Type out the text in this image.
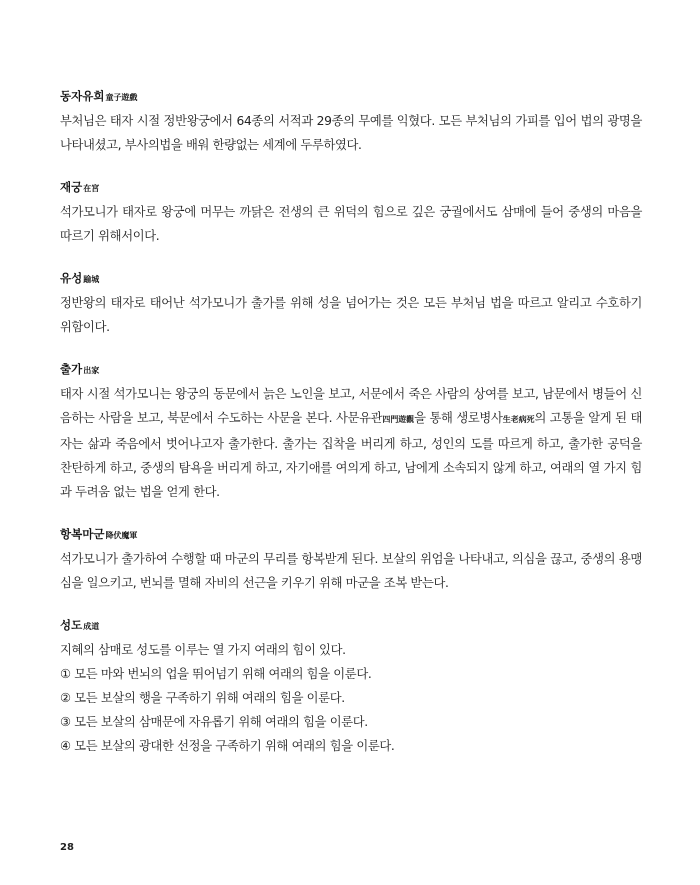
동자유희童子遊戲

부처님은 태자 시절 정반왕궁에서 64종의 서적과 29종의 무예를 익혔다. 모든 부처님의 가피를 입어 법의 광명을 나타내셨고, 부사의법을 배워 한량없는 세계에 두루하였다.

재궁在宮

석가모니가 태자로 왕궁에 머무는 까닭은 전생의 큰 위덕의 힘으로 깊은 궁궐에서도 삼매에 들어 중생의 마음을 따르기 위해서이다.

유성踰城

정반왕의 태자로 태어난 석가모니가 출가를 위해 성을 넘어가는 것은 모든 부처님 법을 따르고 알리고 수호하기 위함이다.

출가出家

태자 시절 석가모니는 왕궁의 동문에서 늙은 노인을 보고, 서문에서 죽은 사람의 상여를 보고, 남문에서 병들어 신음하는 사람을 보고, 북문에서 수도하는 사문을 본다. 사문유관四門遊觀을 통해 생로병사生老病死의 고통을 알게 된 태자는 삶과 죽음에서 벗어나고자 출가한다. 출가는 집착을 버리게 하고, 성인의 도를 따르게 하고, 출가한 공덕을 찬탄하게 하고, 중생의 탐욕을 버리게 하고, 자기애를 여의게 하고, 남에게 소속되지 않게 하고, 여래의 열 가지 힘과 두려움 없는 법을 얻게 한다.

항복마군降伏魔軍

석가모니가 출가하여 수행할 때 마군의 무리를 항복받게 된다. 보살의 위엄을 나타내고, 의심을 끊고, 중생의 용맹심을 일으키고, 번뇌를 멸해 자비의 선근을 키우기 위해 마군을 조복 받는다.

성도成道

지혜의 삼매로 성도를 이루는 열 가지 여래의 힘이 있다.

① 모든 마와 번뇌의 업을 뛰어넘기 위해 여래의 힘을 이룬다.
② 모든 보살의 행을 구족하기 위해 여래의 힘을 이룬다.
③ 모든 보살의 삼매문에 자유롭기 위해 여래의 힘을 이룬다.
④ 모든 보살의 광대한 선정을 구족하기 위해 여래의 힘을 이룬다.
28
